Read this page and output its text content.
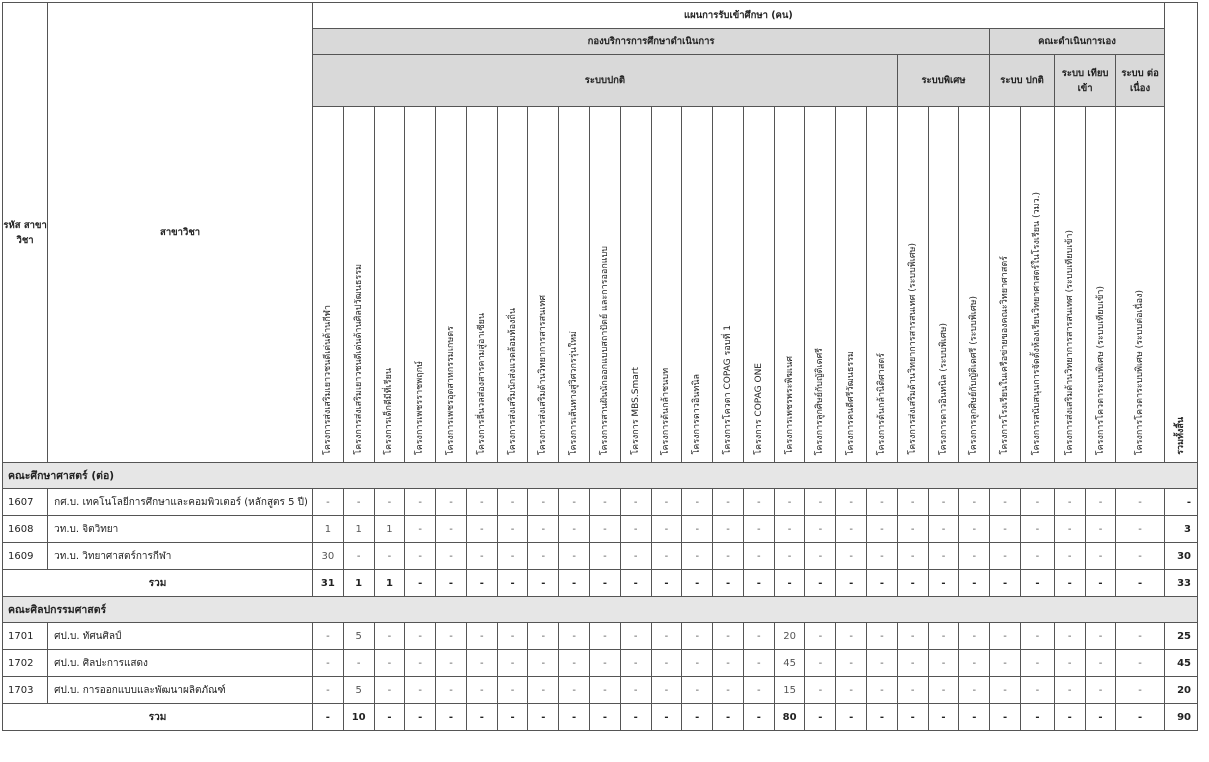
รหัส สาขา วิชา	สาขาวิชา	แผนการรับเข้าศึกษา (คน)																											รวมทั้งสิ้น
		กองบริการการศึกษาดำเนินการ																						คณะดำเนินการเอง					
		ระบบปกติ																			ระบบพิเศษ			ระบบ ปกติ		ระบบ เทียบเข้า		ระบบ ต่อเนื่อง	
		โครงการส่งเสริมเยาวชนดีเด่นด้านกีฬา	โครงการส่งเสริมเยาวชนดีเด่นด้านศิลปวัฒนธรรม	โครงการเด็กดีมีที่เรียน	โครงการเพชรราชพฤกษ์	โครงการเพชรอุตสาหกรรมเกษตร	โครงการลี่นวลส่องสารคามสู่อาเซียน	โครงการส่งเสริมนักส่งแวดล้อมท้องถิ่น	โครงการส่งเสริมด้านวิทยาการสารสนเทศ	โครงการเส้นทางสู่วิศวกรรุ่นใหม่	โครงการสานฝันนักออกแบบสถาปัตย์ และการออกแบบ	โครงการ MBS.Smart	โครงการต้นกล้าชนบท	โครงการดาวอินทนิล	โครงการโควตา COPAG รอบที่ 1	โครงการ COPAG ONE	โครงการเพชรพระพิฆเนศ	โครงการลูกศิษย์กับญัติเดศรี	โครงการคนดีศรีวัฒนธรรม	โครงการต้นกล้านิติศาสตร์	โครงการส่งเสริมด้านวิทยาการสารสนเทศ (ระบบพิเศษ)	โครงการดาวอินทนิล (ระบบพิเศษ)	โครงการลูกศิษย์กับญัติเดศรี (ระบบพิเศษ)	โครงการโรงเรียนในเครือข่ายของคณะวิทยาศาสตร์	โครงการสนับสนุนการจัดตั้งห้องเรียนวิทยาศาสตร์ในโรงเรียน (วมว.)	โครงการส่งเสริมด้านวิทยาการสารสนเทศ (ระบบเทียบเข้า)	โครงการโควตาระบบพิเศษ (ระบบเทียบเข้า)	โครงการโควตาระบบพิเศษ (ระบบต่อเนื่อง)	
คณะศึกษาศาสตร์ (ต่อ)																													
1607	กศ.บ. เทคโนโลยีการศึกษาและคอมพิวเตอร์ (หลักสูตร 5 ปี)	-	-	-	-	-	-	-	-	-	-	-	-	-	-	-	-	-	-	-	-	-	-	-	-	-	-	-	-
1608	วท.บ. จิตวิทยา	1	1	1	-	-	-	-	-	-	-	-	-	-	-	-	-	-	-	-	-	-	-	-	-	-	-	-	3
1609	วท.บ. วิทยาศาสตร์การกีฬา	30	-	-	-	-	-	-	-	-	-	-	-	-	-	-	-	-	-	-	-	-	-	-	-	-	-	-	30
รวม		31	1	1	-	-	-	-	-	-	-	-	-	-	-	-	-	-	-	-	-	-	-	-	-	-	-	-	33
คณะศิลปกรรมศาสตร์																													
1701	ศป.บ. ทัศนศิลป์	-	5	-	-	-	-	-	-	-	-	-	-	-	-	-	20	-	-	-	-	-	-	-	-	-	-	-	25
1702	ศป.บ. ศิลปะการแสดง	-	-	-	-	-	-	-	-	-	-	-	-	-	-	-	45	-	-	-	-	-	-	-	-	-	-	-	45
1703	ศป.บ. การออกแบบและพัฒนาผลิตภัณฑ์	-	5	-	-	-	-	-	-	-	-	-	-	-	-	-	15	-	-	-	-	-	-	-	-	-	-	-	20
รวม		-	10	-	-	-	-	-	-	-	-	-	-	-	-	-	80	-	-	-	-	-	-	-	-	-	-	-	90
